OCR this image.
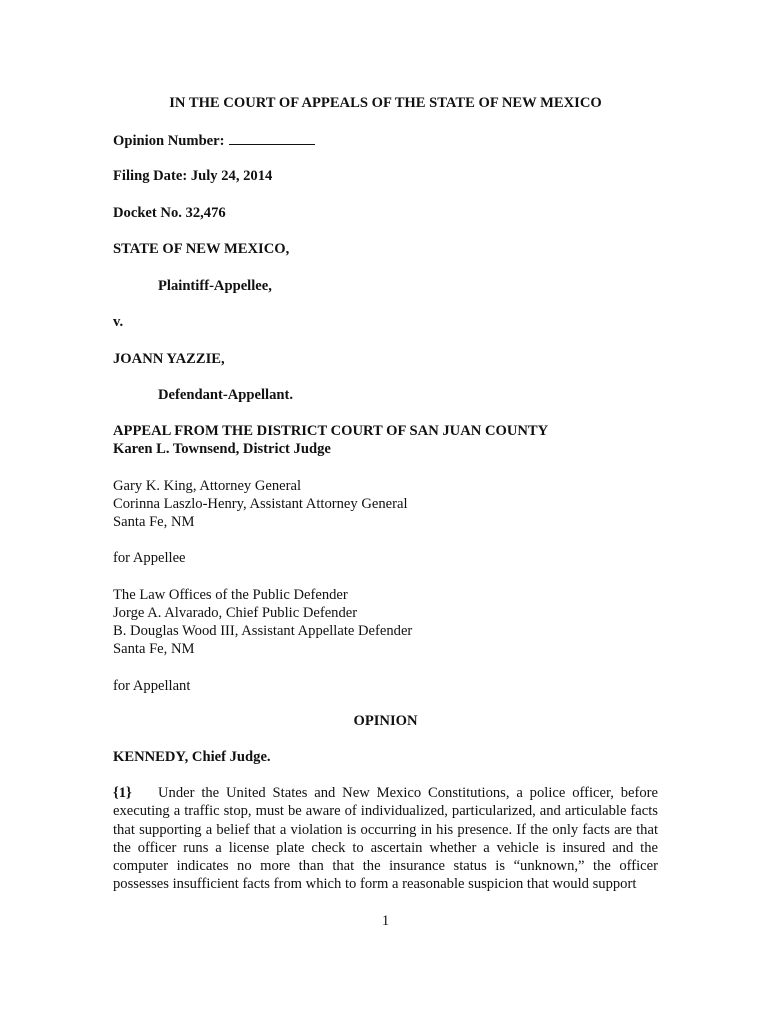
IN THE COURT OF APPEALS OF THE STATE OF NEW MEXICO

Opinion Number:

Filing Date: July 24, 2014

Docket No. 32,476

STATE OF NEW MEXICO,

Plaintiff-Appellee,

v.

JOANN YAZZIE,

Defendant-Appellant.

APPEAL FROM THE DISTRICT COURT OF SAN JUAN COUNTY

Karen L. Townsend, District Judge

Gary K. King, Attorney General

Corinna Laszlo-Henry, Assistant Attorney General

Santa Fe, NM

for Appellee

The Law Offices of the Public Defender

Jorge A. Alvarado, Chief Public Defender

B. Douglas Wood III, Assistant Appellate Defender

Santa Fe, NM

for Appellant

OPINION

KENNEDY, Chief Judge.

{1} Under the United States and New Mexico Constitutions, a police officer, before executing a traffic stop, must be aware of individualized, particularized, and articulable facts that supporting a belief that a violation is occurring in his presence. If the only facts are that the officer runs a license plate check to ascertain whether a vehicle is insured and the computer indicates no more than that the insurance status is “unknown,” the officer possesses insufficient facts from which to form a reasonable suspicion that would support

1
